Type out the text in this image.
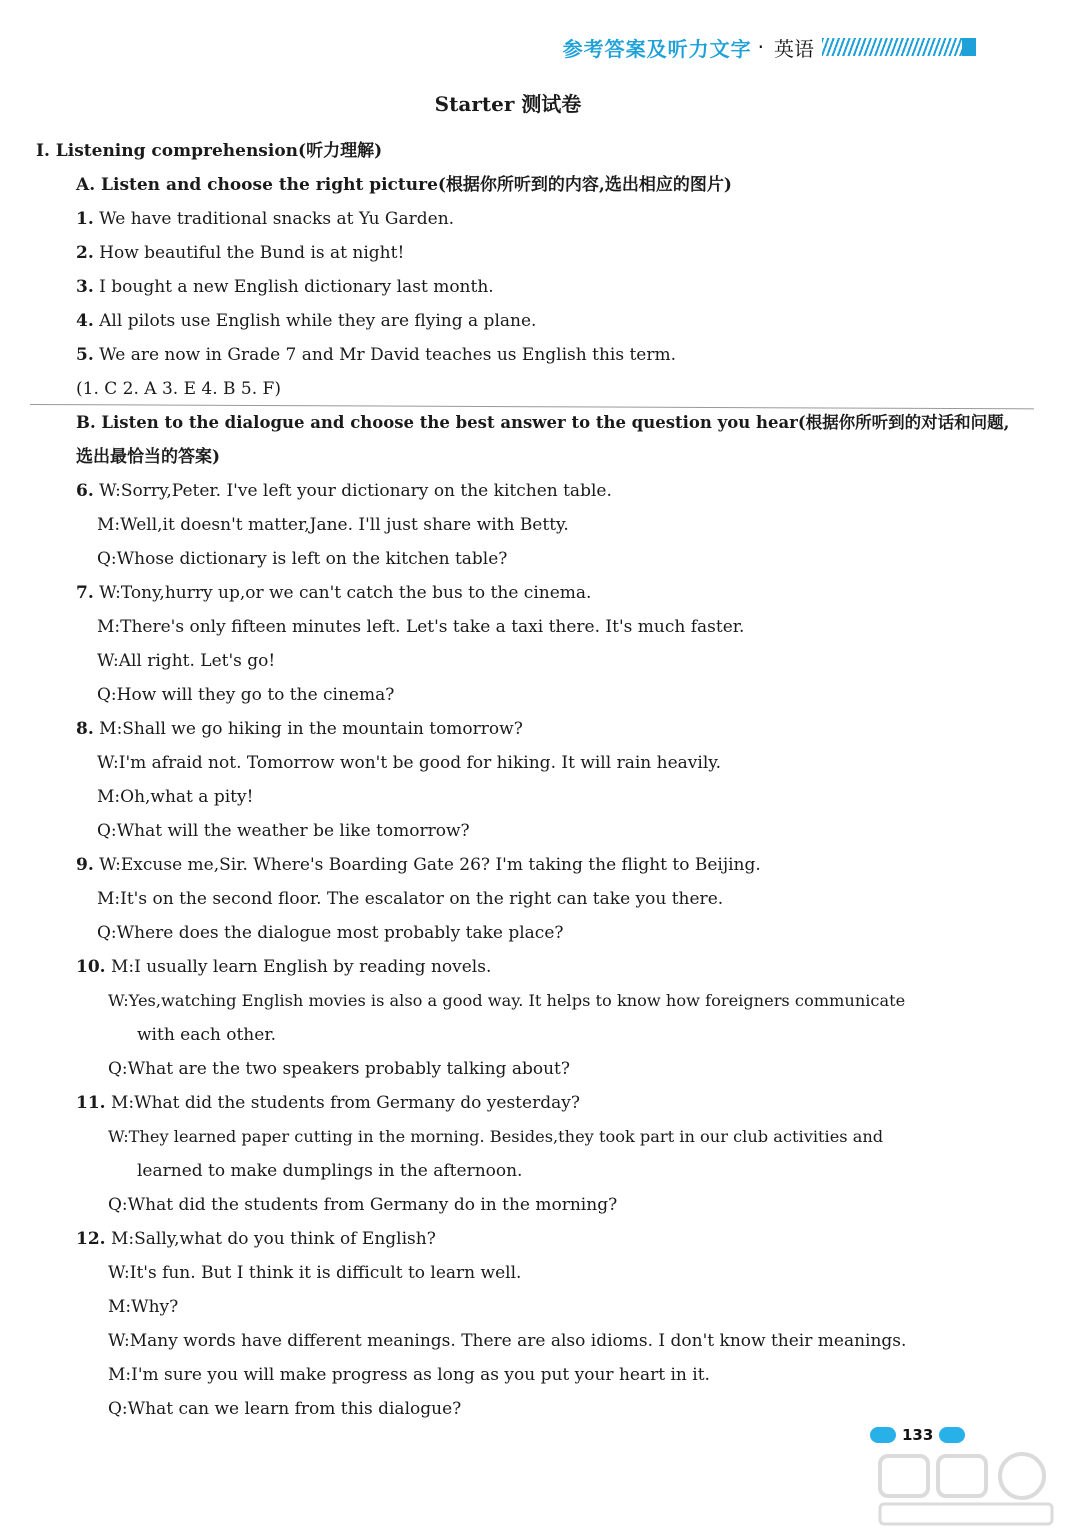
参考答案及听力文字 · 英语
Starter 测试卷
Ⅰ. Listening comprehension(听力理解)
A. Listen and choose the right picture(根据你所听到的内容,选出相应的图片)
1. We have traditional snacks at Yu Garden.
2. How beautiful the Bund is at night!
3. I bought a new English dictionary last month.
4. All pilots use English while they are flying a plane.
5. We are now in Grade 7 and Mr David teaches us English this term.
(1. C 2. A 3. E 4. B 5. F)
B. Listen to the dialogue and choose the best answer to the question you hear(根据你所听到的对话和问题,
选出最恰当的答案)
6. W:Sorry,Peter. I've left your dictionary on the kitchen table.
M:Well,it doesn't matter,Jane. I'll just share with Betty.
Q:Whose dictionary is left on the kitchen table?
7. W:Tony,hurry up,or we can't catch the bus to the cinema.
M:There's only fifteen minutes left. Let's take a taxi there. It's much faster.
W:All right. Let's go!
Q:How will they go to the cinema?
8. M:Shall we go hiking in the mountain tomorrow?
W:I'm afraid not. Tomorrow won't be good for hiking. It will rain heavily.
M:Oh,what a pity!
Q:What will the weather be like tomorrow?
9. W:Excuse me,Sir. Where's Boarding Gate 26? I'm taking the flight to Beijing.
M:It's on the second floor. The escalator on the right can take you there.
Q:Where does the dialogue most probably take place?
10. M:I usually learn English by reading novels.
W:Yes,watching English movies is also a good way. It helps to know how foreigners communicate
with each other.
Q:What are the two speakers probably talking about?
11. M:What did the students from Germany do yesterday?
W:They learned paper cutting in the morning. Besides,they took part in our club activities and
learned to make dumplings in the afternoon.
Q:What did the students from Germany do in the morning?
12. M:Sally,what do you think of English?
W:It's fun. But I think it is difficult to learn well.
M:Why?
W:Many words have different meanings. There are also idioms. I don't know their meanings.
M:I'm sure you will make progress as long as you put your heart in it.
Q:What can we learn from this dialogue?
133
